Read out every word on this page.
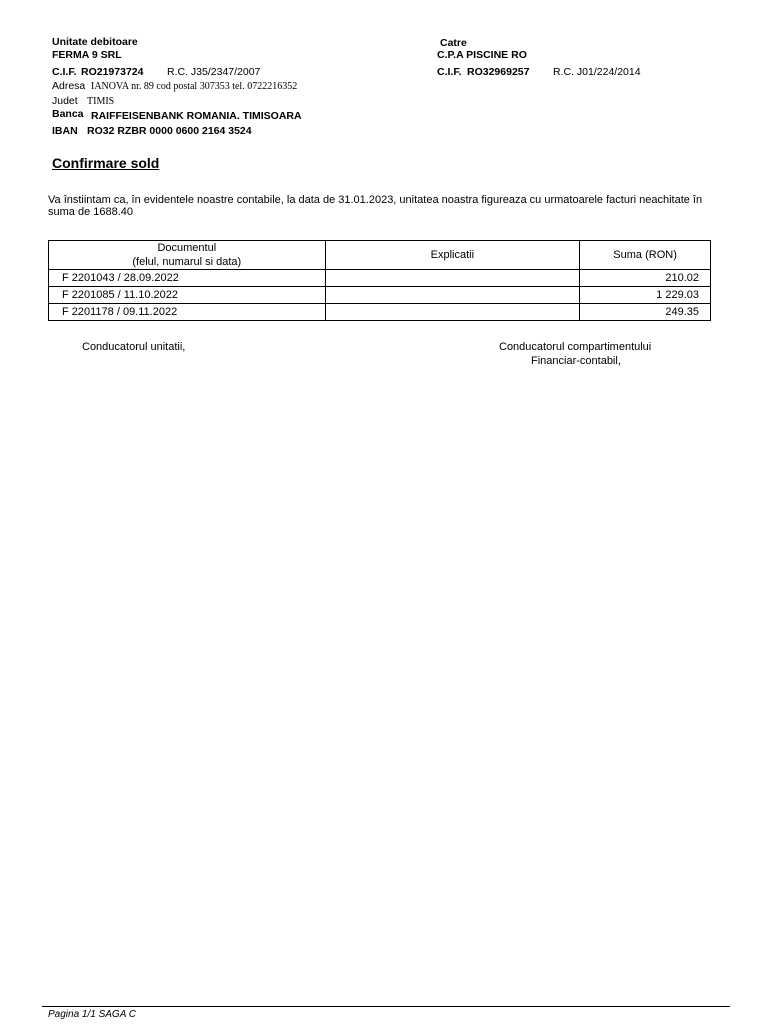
Unitate debitoare
FERMA 9 SRL
C.I.F. RO21973724 R.C. J35/2347/2007
Adresa IANOVA nr. 89 cod postal 307353 tel. 0722216352
Judet TIMIS
Banca RAIFFEISENBANK ROMANIA. TIMISOARA
IBAN RO32 RZBR 0000 0600 2164 3524
Catre
C.P.A PISCINE RO
C.I.F. RO32969257 R.C. J01/224/2014
Confirmare sold
Va înstiintam ca, în evidentele noastre contabile, la data de 31.01.2023, unitatea noastra figureaza cu urmatoarele facturi neachitate în suma de 1688.40
Documentul
(felul, numarul si data)	Explicatii	Suma (RON)
F 2201043 / 28.09.2022		210.02
F 2201085 / 11.10.2022		1 229.03
F 2201178 / 09.11.2022		249.35
Conducatorul unitatii,	Conducatorul compartimentului
Financiar-contabil,
Pagina 1/1 SAGA C
